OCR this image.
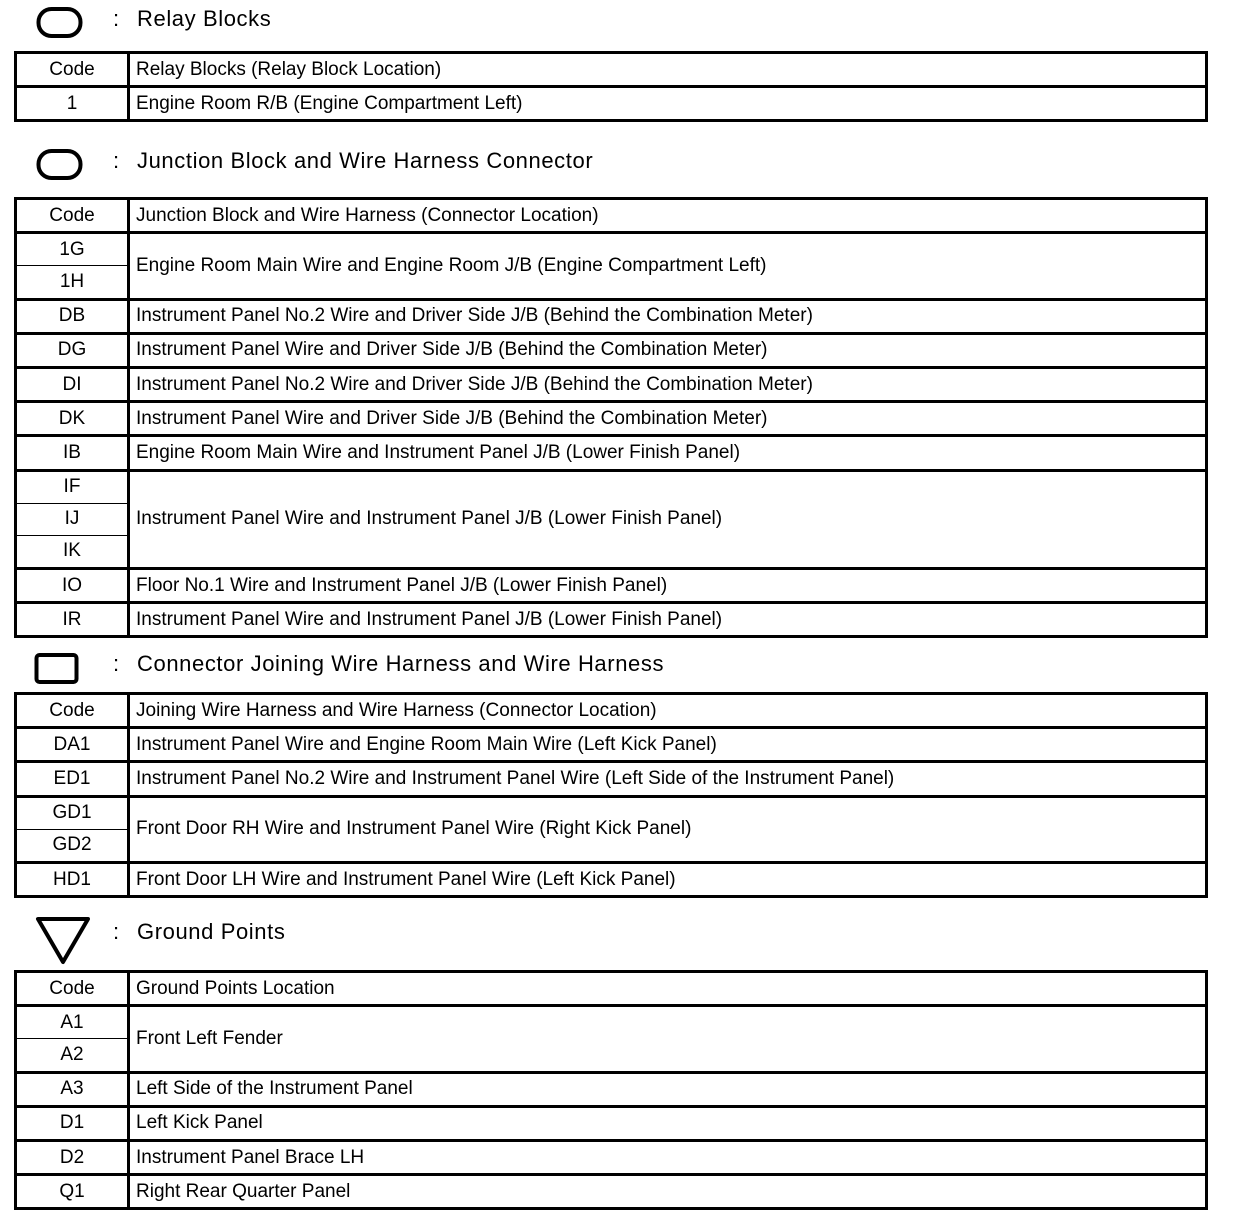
: Relay Blocks
Code	Relay Blocks (Relay Block Location)
1	Engine Room R/B (Engine Compartment Left)
: Junction Block and Wire Harness Connector
Code	Junction Block and Wire Harness (Connector Location)
1G	Engine Room Main Wire and Engine Room J/B (Engine Compartment Left)
1H	
DB	Instrument Panel No.2 Wire and Driver Side J/B (Behind the Combination Meter)
DG	Instrument Panel Wire and Driver Side J/B (Behind the Combination Meter)
DI	Instrument Panel No.2 Wire and Driver Side J/B (Behind the Combination Meter)
DK	Instrument Panel Wire and Driver Side J/B (Behind the Combination Meter)
IB	Engine Room Main Wire and Instrument Panel J/B (Lower Finish Panel)
IF	Instrument Panel Wire and Instrument Panel J/B (Lower Finish Panel)
IJ	
IK	
IO	Floor No.1 Wire and Instrument Panel J/B (Lower Finish Panel)
IR	Instrument Panel Wire and Instrument Panel J/B (Lower Finish Panel)
: Connector Joining Wire Harness and Wire Harness
Code	Joining Wire Harness and Wire Harness (Connector Location)
DA1	Instrument Panel Wire and Engine Room Main Wire (Left Kick Panel)
ED1	Instrument Panel No.2 Wire and Instrument Panel Wire (Left Side of the Instrument Panel)
GD1	Front Door RH Wire and Instrument Panel Wire (Right Kick Panel)
GD2	
HD1	Front Door LH Wire and Instrument Panel Wire (Left Kick Panel)
: Ground Points
Code	Ground Points Location
A1	Front Left Fender
A2	
A3	Left Side of the Instrument Panel
D1	Left Kick Panel
D2	Instrument Panel Brace LH
Q1	Right Rear Quarter Panel
